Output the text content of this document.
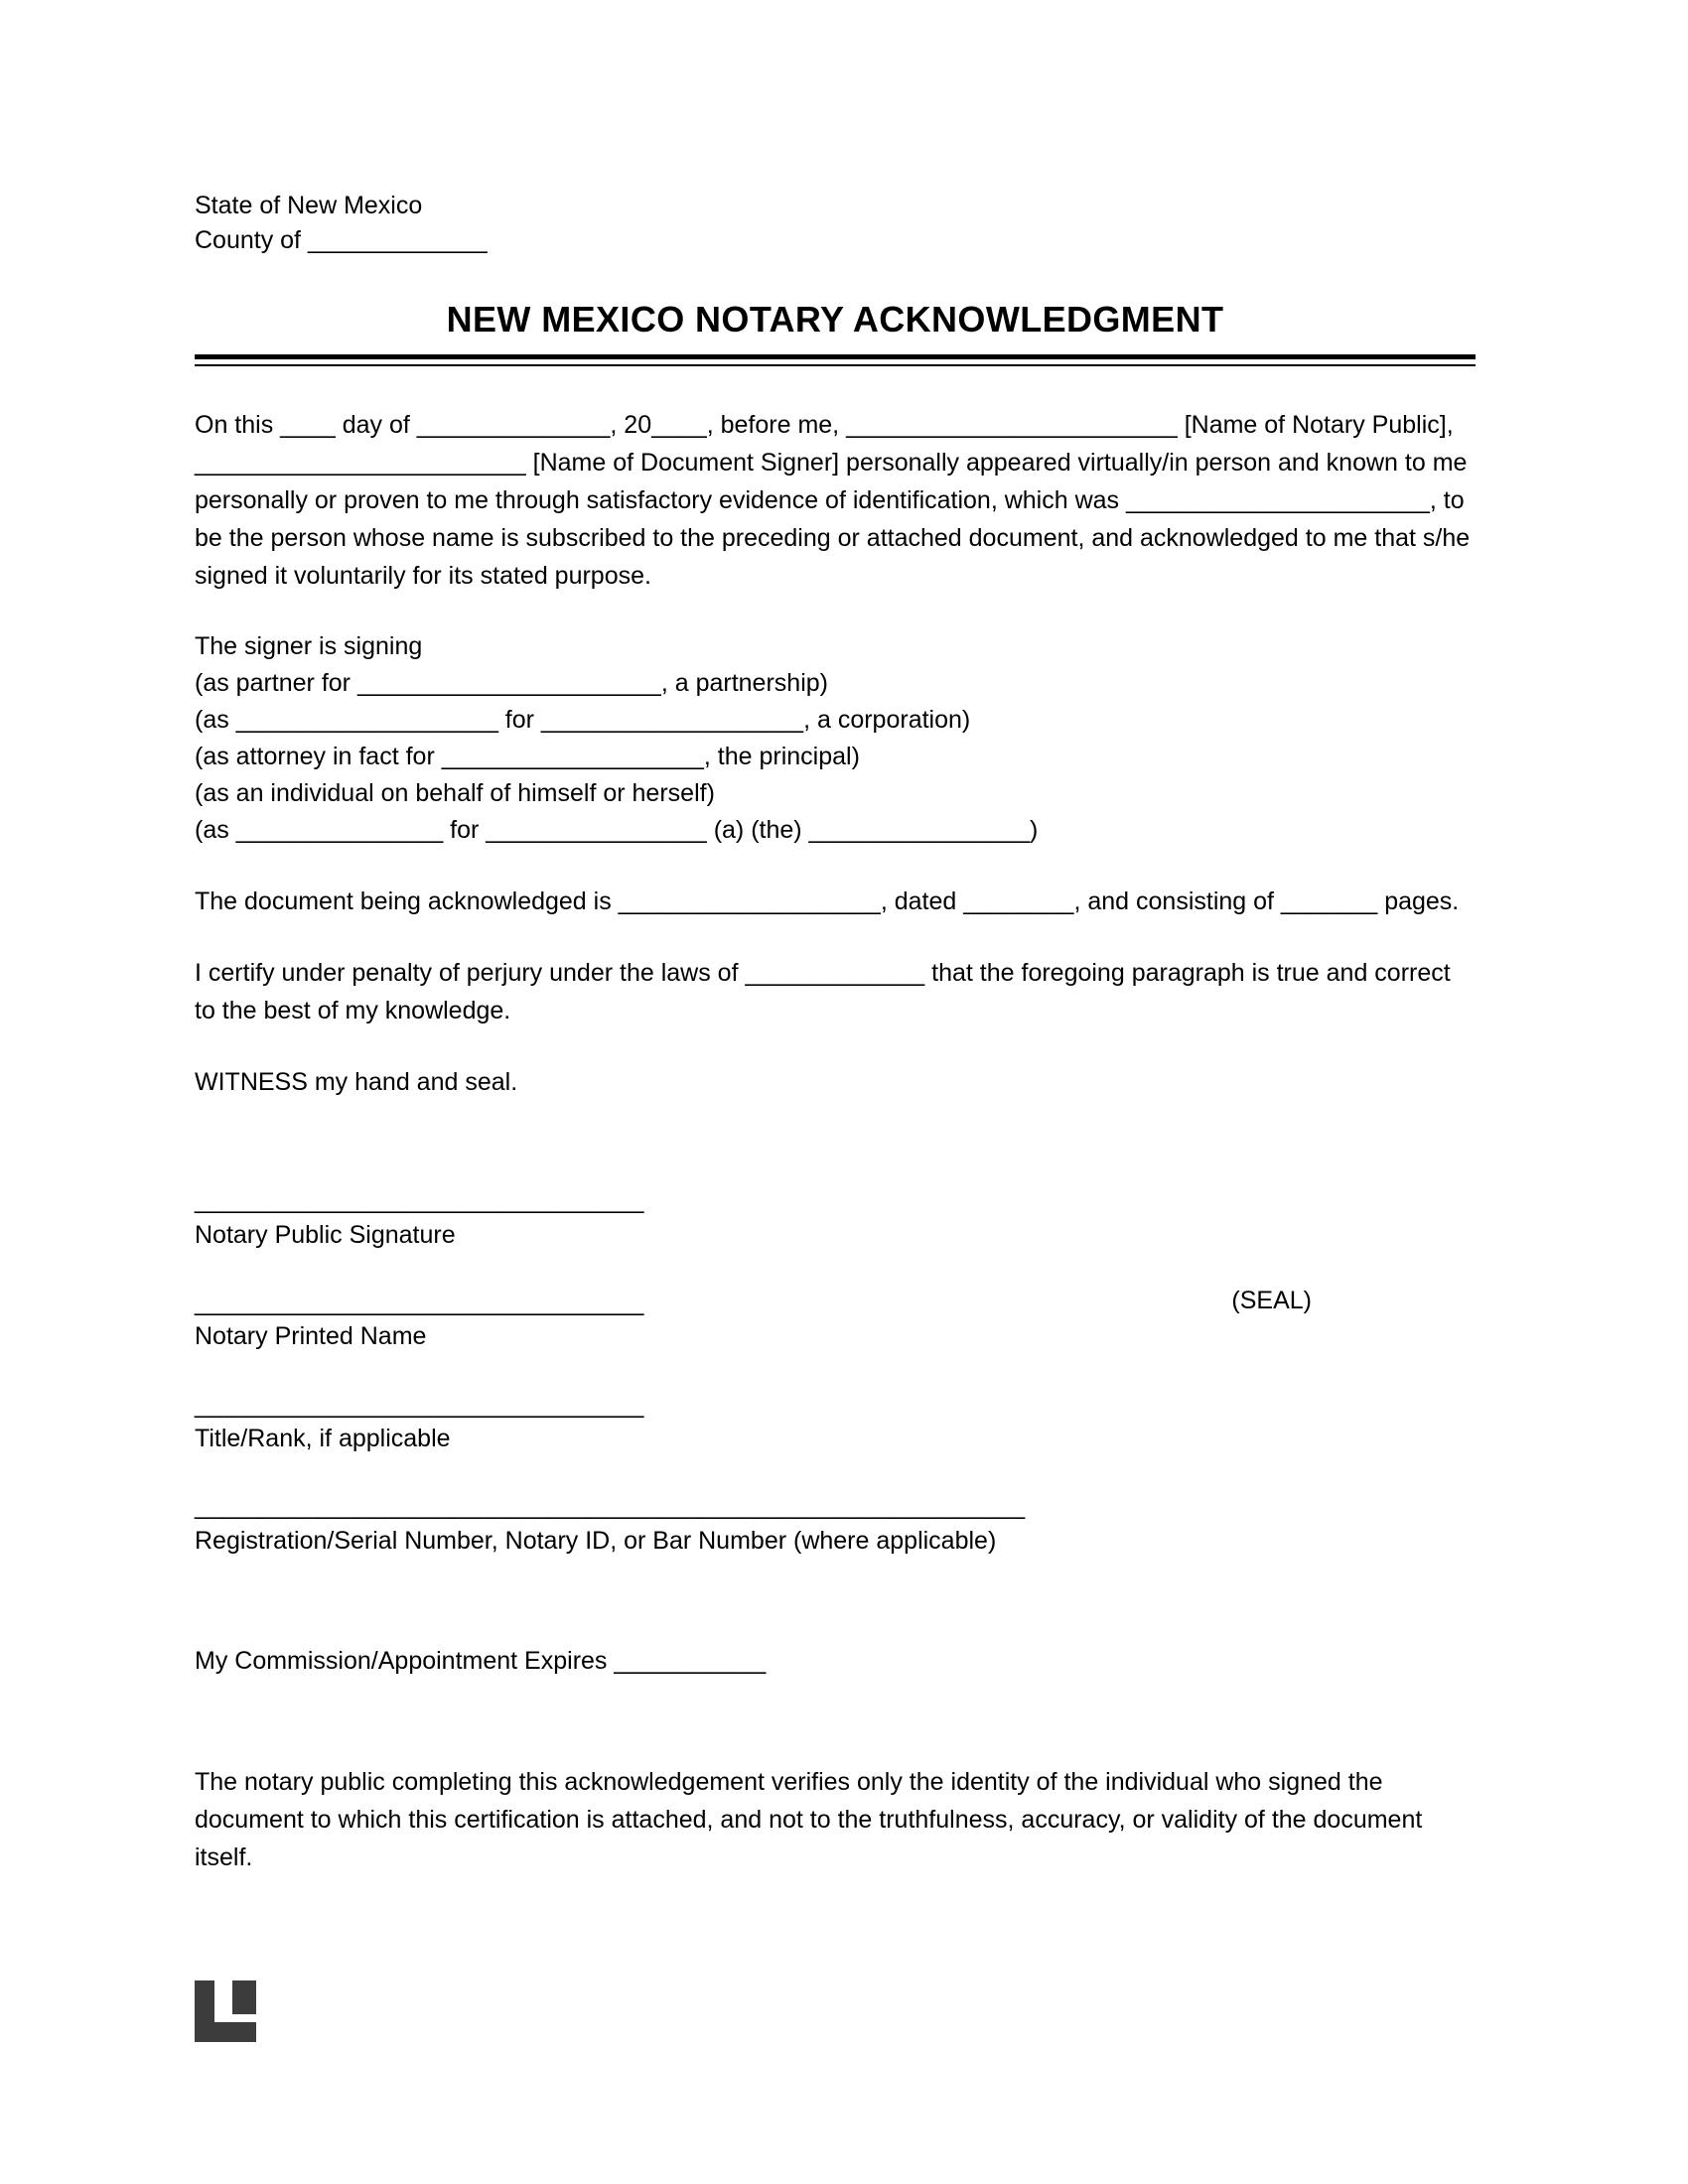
State of New Mexico
County of _____________
NEW MEXICO NOTARY ACKNOWLEDGMENT

On this ____ day of ______________, 20____, before me, ________________________ [Name of Notary Public], ________________________ [Name of Document Signer] personally appeared virtually/in person and known to me personally or proven to me through satisfactory evidence of identification, which was ______________________, to be the person whose name is subscribed to the preceding or attached document, and acknowledged to me that s/he signed it voluntarily for its stated purpose.

The signer is signing

(as partner for ______________________, a partnership)

(as ___________________ for ___________________, a corporation)

(as attorney in fact for ___________________, the principal)

(as an individual on behalf of himself or herself)

(as _______________ for ________________ (a) (the) ________________)

The document being acknowledged is ___________________, dated ________, and consisting of _______ pages.

I certify under penalty of perjury under the laws of _____________ that the foregoing paragraph is true and correct to the best of my knowledge.

WITNESS my hand and seal.

_________________________________
Notary Public Signature
_________________________________	(SEAL)
Notary Printed Name
_________________________________
Title/Rank, if applicable
_____________________________________________________________
Registration/Serial Number, Notary ID, or Bar Number (where applicable)

My Commission/Appointment Expires ___________

The notary public completing this acknowledgement verifies only the identity of the individual who signed the document to which this certification is attached, and not to the truthfulness, accuracy, or validity of the document itself.
